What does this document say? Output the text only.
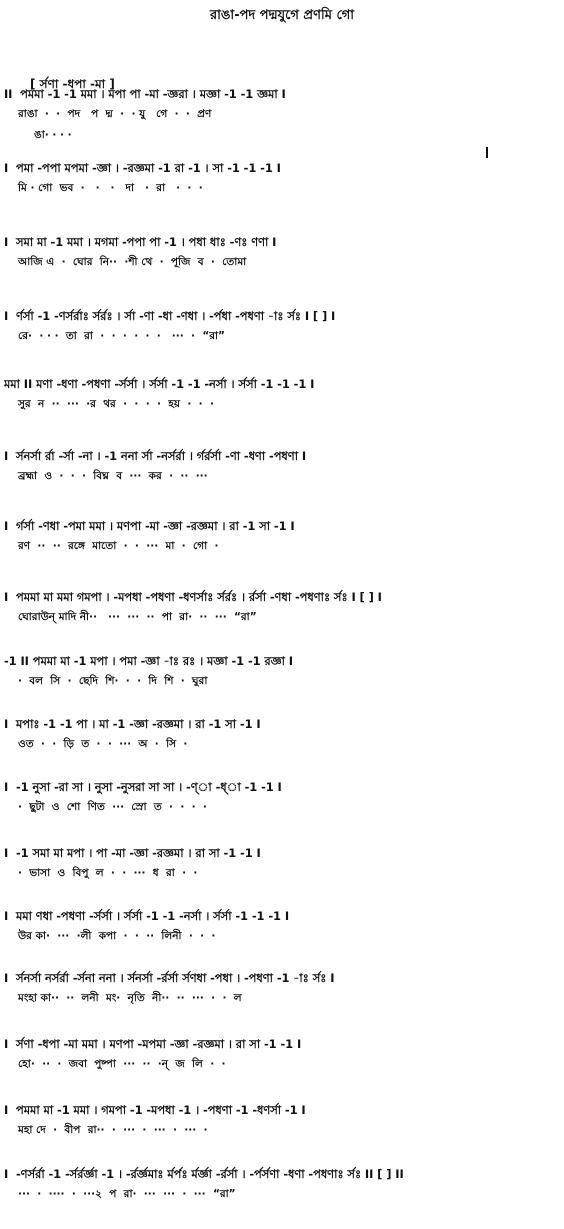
রাঙা-পদ পদ্মযুগে প্রণমি গো

[ র্সণা -ধপা -মা ]

ঙা· · · ·

II  পমমা -1 -1 মমা । মপা পা -মা -জ্ঞরা । মজ্ঞা -1 -1 জ্ঞমা I
রাঙা  ·  ·  পদ   প  দ্ম  ·  · যু   গে  ·  ·  প্রণ
I  পমা -পপা মপমা -জ্ঞা । -রজ্ঞমা -1 রা -1 । সা -1 -1 -1 I
মি · গো  ভব  ·   ·   ·   দা   ·  রা   ·  ·  ·
I  সমা মা -1 মমা । মগমা -পপা পা -1 । পধা ধাঃ -ণঃ ণণা I
আজি এ  ·  ঘোর  নি··  ·শী থে  ·  পূজি  ব  ·  তোমা
I  র্ণর্সা -1 -ণর্সর্রাঃ র্সর্রঃ । র্সা -ণা -ধা -ণধা । -র্পধা -পধণা -াঃ র্সঃ I [ ] I
রে·  · · ·  তা  রা  ·  ·  ·  ·  ·  ·   ···  ·  “রা”
মমা II মণা -ধণা -পধণা -র্সর্সা । র্সর্সা -1 -1 -নর্সা । র্সর্সা -1 -1 -1 I
সুর  ন  ··  ···  ·র  থর  ·  ·  ·  ·  হয়  ·  ·  ·
I  র্সনর্সা র্রা -র্সা -না । -1 ননা র্সা -নর্সর্রা । র্গর্রর্সা -ণা -ধণা -পধণা I
ব্রহ্মা  ও  ·  ·  ·  বিঘ্ন  ব  ···  কর  ·  ··  ···
I  র্গর্সা -ণধা -পমা মমা । মণপা -মা -জ্ঞা -রজ্ঞমা । রা -1 সা -1 I
রণ  ··  ··  রঙ্গে  মাতো  ·  ·  ···  মা  ·  গো  ·
I  পমমা মা মমা গমপা । -মপধা -পধণা -ধণর্সাঃ র্সর্রঃ । র্রর্সা -ণধা -পধণাঃ র্সঃ I [ ] I
ঘোরাউন্ মাদি নী··   ···  ···  ··  পা  রা·  ··  ···  “রা”
-1 II পমমা মা -1 মপা । পমা -জ্ঞা -াঃ রঃ । মজ্ঞা -1 -1 রজ্ঞা I
·  বল  সি  ·  ছেদি  শি·  ·  ·  দি  শি  ·  ঘুরা
I  মপাঃ -1 -1 পা । মা -1 -জ্ঞা -রজ্ঞমা । রা -1 সা -1 I
ওত  ·  ·  ড়ি  ত  ·  ·  ···  অ  ·  সি  ·
I  -1 নুসা -রা সা । নুসা -নুসরা সা সা । -ণ্া -ধ্া -1 -1 I
·  ছুটা  ও  শো  ণিত  ···  স্রো  ত  ·  ·  ·  ·
I  -1 সমা মা মপা । পা -মা -জ্ঞা -রজ্ঞমা । রা সা -1 -1 I
·  ভাসা  ও  বিপু  ল  ·  ·  ···  ধ  রা  ·  ·
I  মমা ণধা -পধণা -র্সর্সা । র্সর্সা -1 -1 -নর্সা । র্সর্সা -1 -1 -1 I
উর কা·  ···  ·লী  কপা  ·  ·  ··  লিনী  ·  ·  ·
I  র্সনর্সা নর্সর্রা -র্সনা ননা । র্সনর্সা -র্রর্সা র্সণধা -পধা । -পধণা -1 -াঃ র্সঃ I
মংহা কা··  ··  লনী  মং·  নৃতি  নী··  ··  ···  ·  ·  ল
I  র্সণা -ধপা -মা মমা । মণপা -মপমা -জ্ঞা -রজ্ঞমা । রা সা -1 -1 I
হো·  ··  ·  জবা  পুষ্পা  ···  ··  ·ন্  জ  লি  ·  ·
I  পমমা মা -1 মমা । গমপা -1 -মপধা -1 । -পধণা -1 -ধণর্সা -1 I
মহা দে  ·  বীপ  রা··  ·  ···  ·  ···  ·  ···  ·
I  -ণর্সর্রা -1 -র্সর্রর্জ্ঞা -1 । -র্রর্জ্ঞমাঃ র্মর্পঃ র্মর্জ্ঞা -র্রর্সা । -র্পর্সণা -ধণা -পধণাঃ র্সঃ II [ ] II
···  ·  ····  ·  ···২  প  রা·  ···  ···  ·  ···  “রা”
